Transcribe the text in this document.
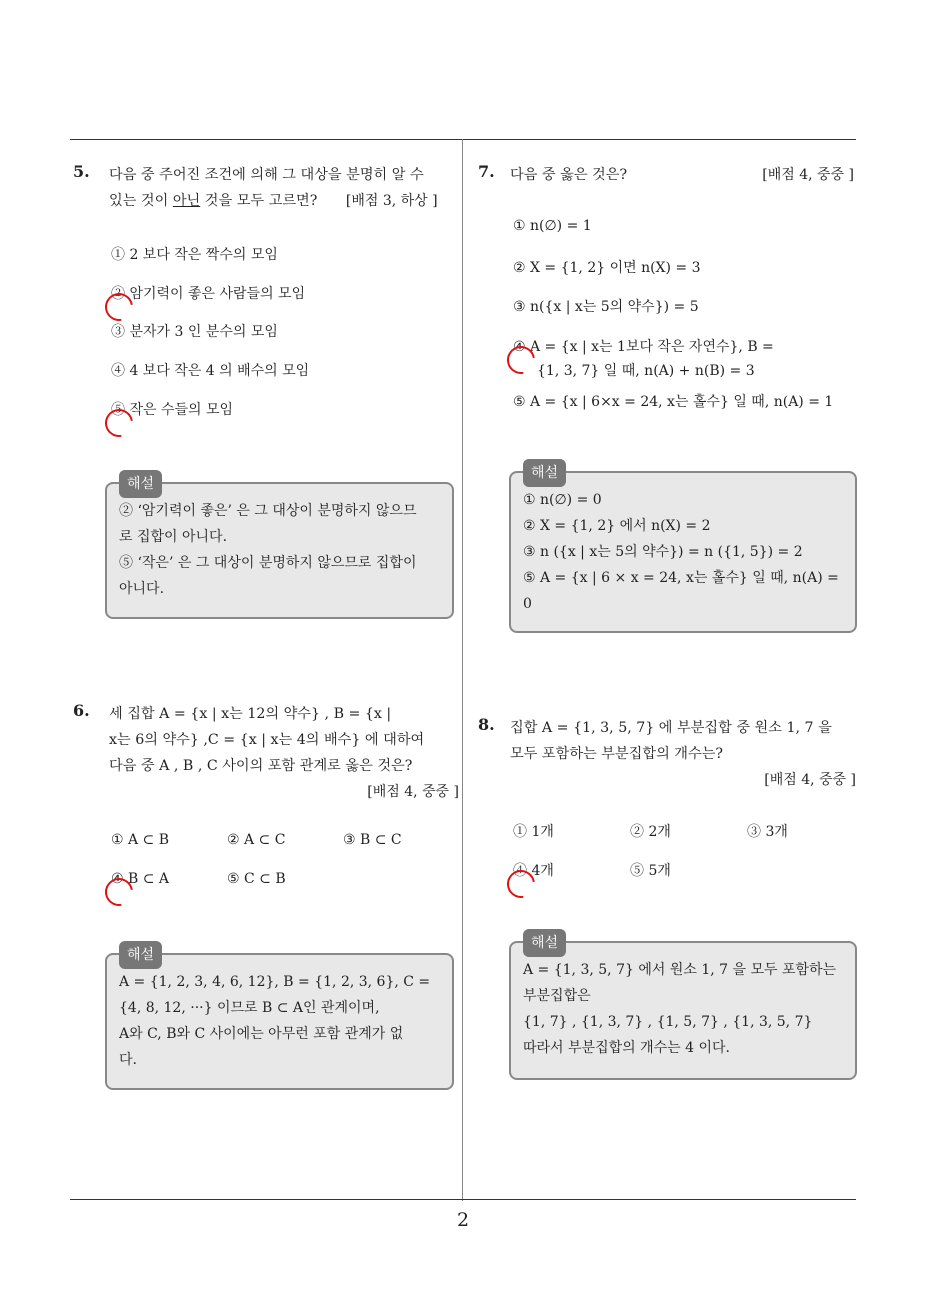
2
5. 다음 중 주어진 조건에 의해 그 대상을 분명히 알 수
있는 것이 아닌 것을 모두 고르면? [배점 3, 하상 ]
① 2 보다 작은 짝수의 모임
② 암기력이 좋은 사람들의 모임
③ 분자가 3 인 분수의 모임
④ 4 보다 작은 4 의 배수의 모임
⑤ 작은 수들의 모임
해설
② ‘암기력이 좋은’ 은 그 대상이 분명하지 않으므
로 집합이 아니다.
⑤ ‘작은’ 은 그 대상이 분명하지 않으므로 집합이
아니다.
6. 세 집합 A = {x | x는 12의 약수} , B = {x |
x는 6의 약수} ,C = {x | x는 4의 배수} 에 대하여
다음 중 A , B , C 사이의 포함 관계로 옳은 것은?
[배점 4, 중중 ]
① A ⊂ B	② A ⊂ C	③ B ⊂ C
④ B ⊂ A	⑤ C ⊂ B
해설
A = {1, 2, 3, 4, 6, 12}, B = {1, 2, 3, 6}, C =
{4, 8, 12, ···} 이므로 B ⊂ A인 관계이며,
A와 C, B와 C 사이에는 아무런 포함 관계가 없
다.
7. 다음 중 옳은 것은?	[배점 4, 중중 ]
① n(∅) = 1
② X = {1, 2} 이면 n(X) = 3
③ n({x | x는 5의 약수}) = 5
④ A = {x | x는 1보다 작은 자연수}, B =
{1, 3, 7} 일 때, n(A) + n(B) = 3
⑤ A = {x | 6×x = 24, x는 홀수} 일 때, n(A) = 1
해설
① n(∅) = 0
② X = {1, 2} 에서 n(X) = 2
③ n ({x | x는 5의 약수}) = n ({1, 5}) = 2
⑤ A = {x | 6 × x = 24, x는 홀수} 일 때, n(A) =
0
8. 집합 A = {1, 3, 5, 7} 에 부분집합 중 원소 1, 7 을
모두 포함하는 부분집합의 개수는?
[배점 4, 중중 ]
① 1개	② 2개	③ 3개
④ 4개	⑤ 5개
해설
A = {1, 3, 5, 7} 에서 원소 1, 7 을 모두 포함하는
부분집합은
{1, 7} , {1, 3, 7} , {1, 5, 7} , {1, 3, 5, 7}
따라서 부분집합의 개수는 4 이다.
